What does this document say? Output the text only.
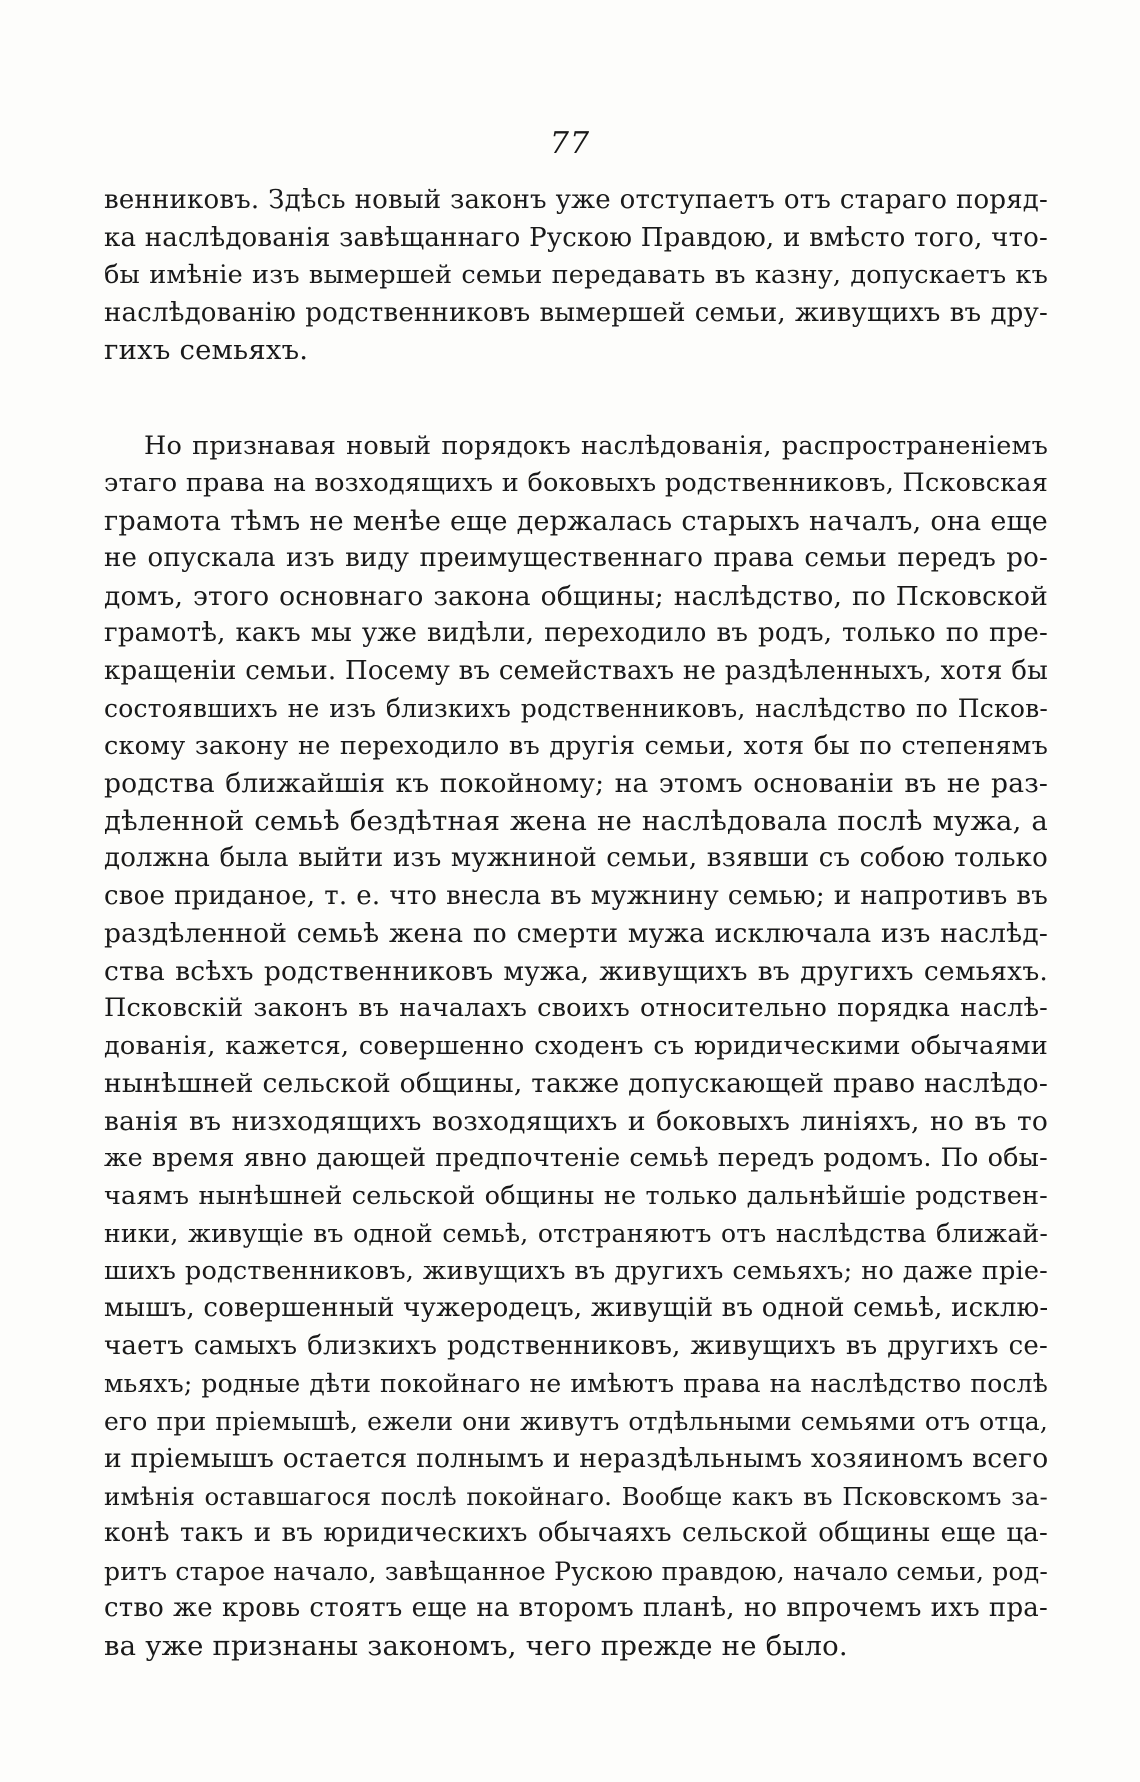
77
венниковъ. Здѣсь новый законъ уже отступаетъ отъ стараго поряд-
ка наслѣдованія завѣщаннаго Рускою Правдою, и вмѣсто того, что-
бы имѣніе изъ вымершей семьи передавать въ казну, допускаетъ къ
наслѣдованію родственниковъ вымершей семьи, живущихъ въ дру-
гихъ семьяхъ.
Но признавая новый порядокъ наслѣдованія, распространеніемъ
этаго права на возходящихъ и боковыхъ родственниковъ, Псковская
грамота тѣмъ не менѣе еще держалась старыхъ началъ, она еще
не опускала изъ виду преимущественнаго права семьи передъ ро-
домъ, этого основнаго закона общины; наслѣдство, по Псковской
грамотѣ, какъ мы уже видѣли, переходило въ родъ, только по пре-
кращеніи семьи. Посему въ семействахъ не раздѣленныхъ, хотя бы
состоявшихъ не изъ близкихъ родственниковъ, наслѣдство по Псков-
скому закону не переходило въ другія семьи, хотя бы по степенямъ
родства ближайшія къ покойному; на этомъ основаніи въ не раз-
дѣленной семьѣ бездѣтная жена не наслѣдовала послѣ мужа, а
должна была выйти изъ мужниной семьи, взявши съ собою только
свое приданое, т. е. что внесла въ мужнину семью; и напротивъ въ
раздѣленной семьѣ жена по смерти мужа исключала изъ наслѣд-
ства всѣхъ родственниковъ мужа, живущихъ въ другихъ семьяхъ.
Псковскій законъ въ началахъ своихъ относительно порядка наслѣ-
дованія, кажется, совершенно сходенъ съ юридическими обычаями
нынѣшней сельской общины, также допускающей право наслѣдо-
ванія въ низходящихъ возходящихъ и боковыхъ линіяхъ, но въ то
же время явно дающей предпочтеніе семьѣ передъ родомъ. По обы-
чаямъ нынѣшней сельской общины не только дальнѣйшіе родствен-
ники, живущіе въ одной семьѣ, отстраняютъ отъ наслѣдства ближай-
шихъ родственниковъ, живущихъ въ другихъ семьяхъ; но даже прiе-
мышъ, совершенный чужеродецъ, живущій въ одной семьѣ, исклю-
чаетъ самыхъ близкихъ родственниковъ, живущихъ въ другихъ се-
мьяхъ; родные дѣти покойнаго не имѣютъ права на наслѣдство послѣ
его при пріемышѣ, ежели они живутъ отдѣльными семьями отъ отца,
и пріемышъ остается полнымъ и нераздѣльнымъ хозяиномъ всего
имѣнія оставшагося послѣ покойнаго. Вообще какъ въ Псковскомъ за-
конѣ такъ и въ юридическихъ обычаяхъ сельской общины еще ца-
ритъ старое начало, завѣщанное Рускою правдою, начало семьи, род-
ство же кровь стоятъ еще на второмъ планѣ, но впрочемъ ихъ пра-
ва уже признаны закономъ, чего прежде не было.
